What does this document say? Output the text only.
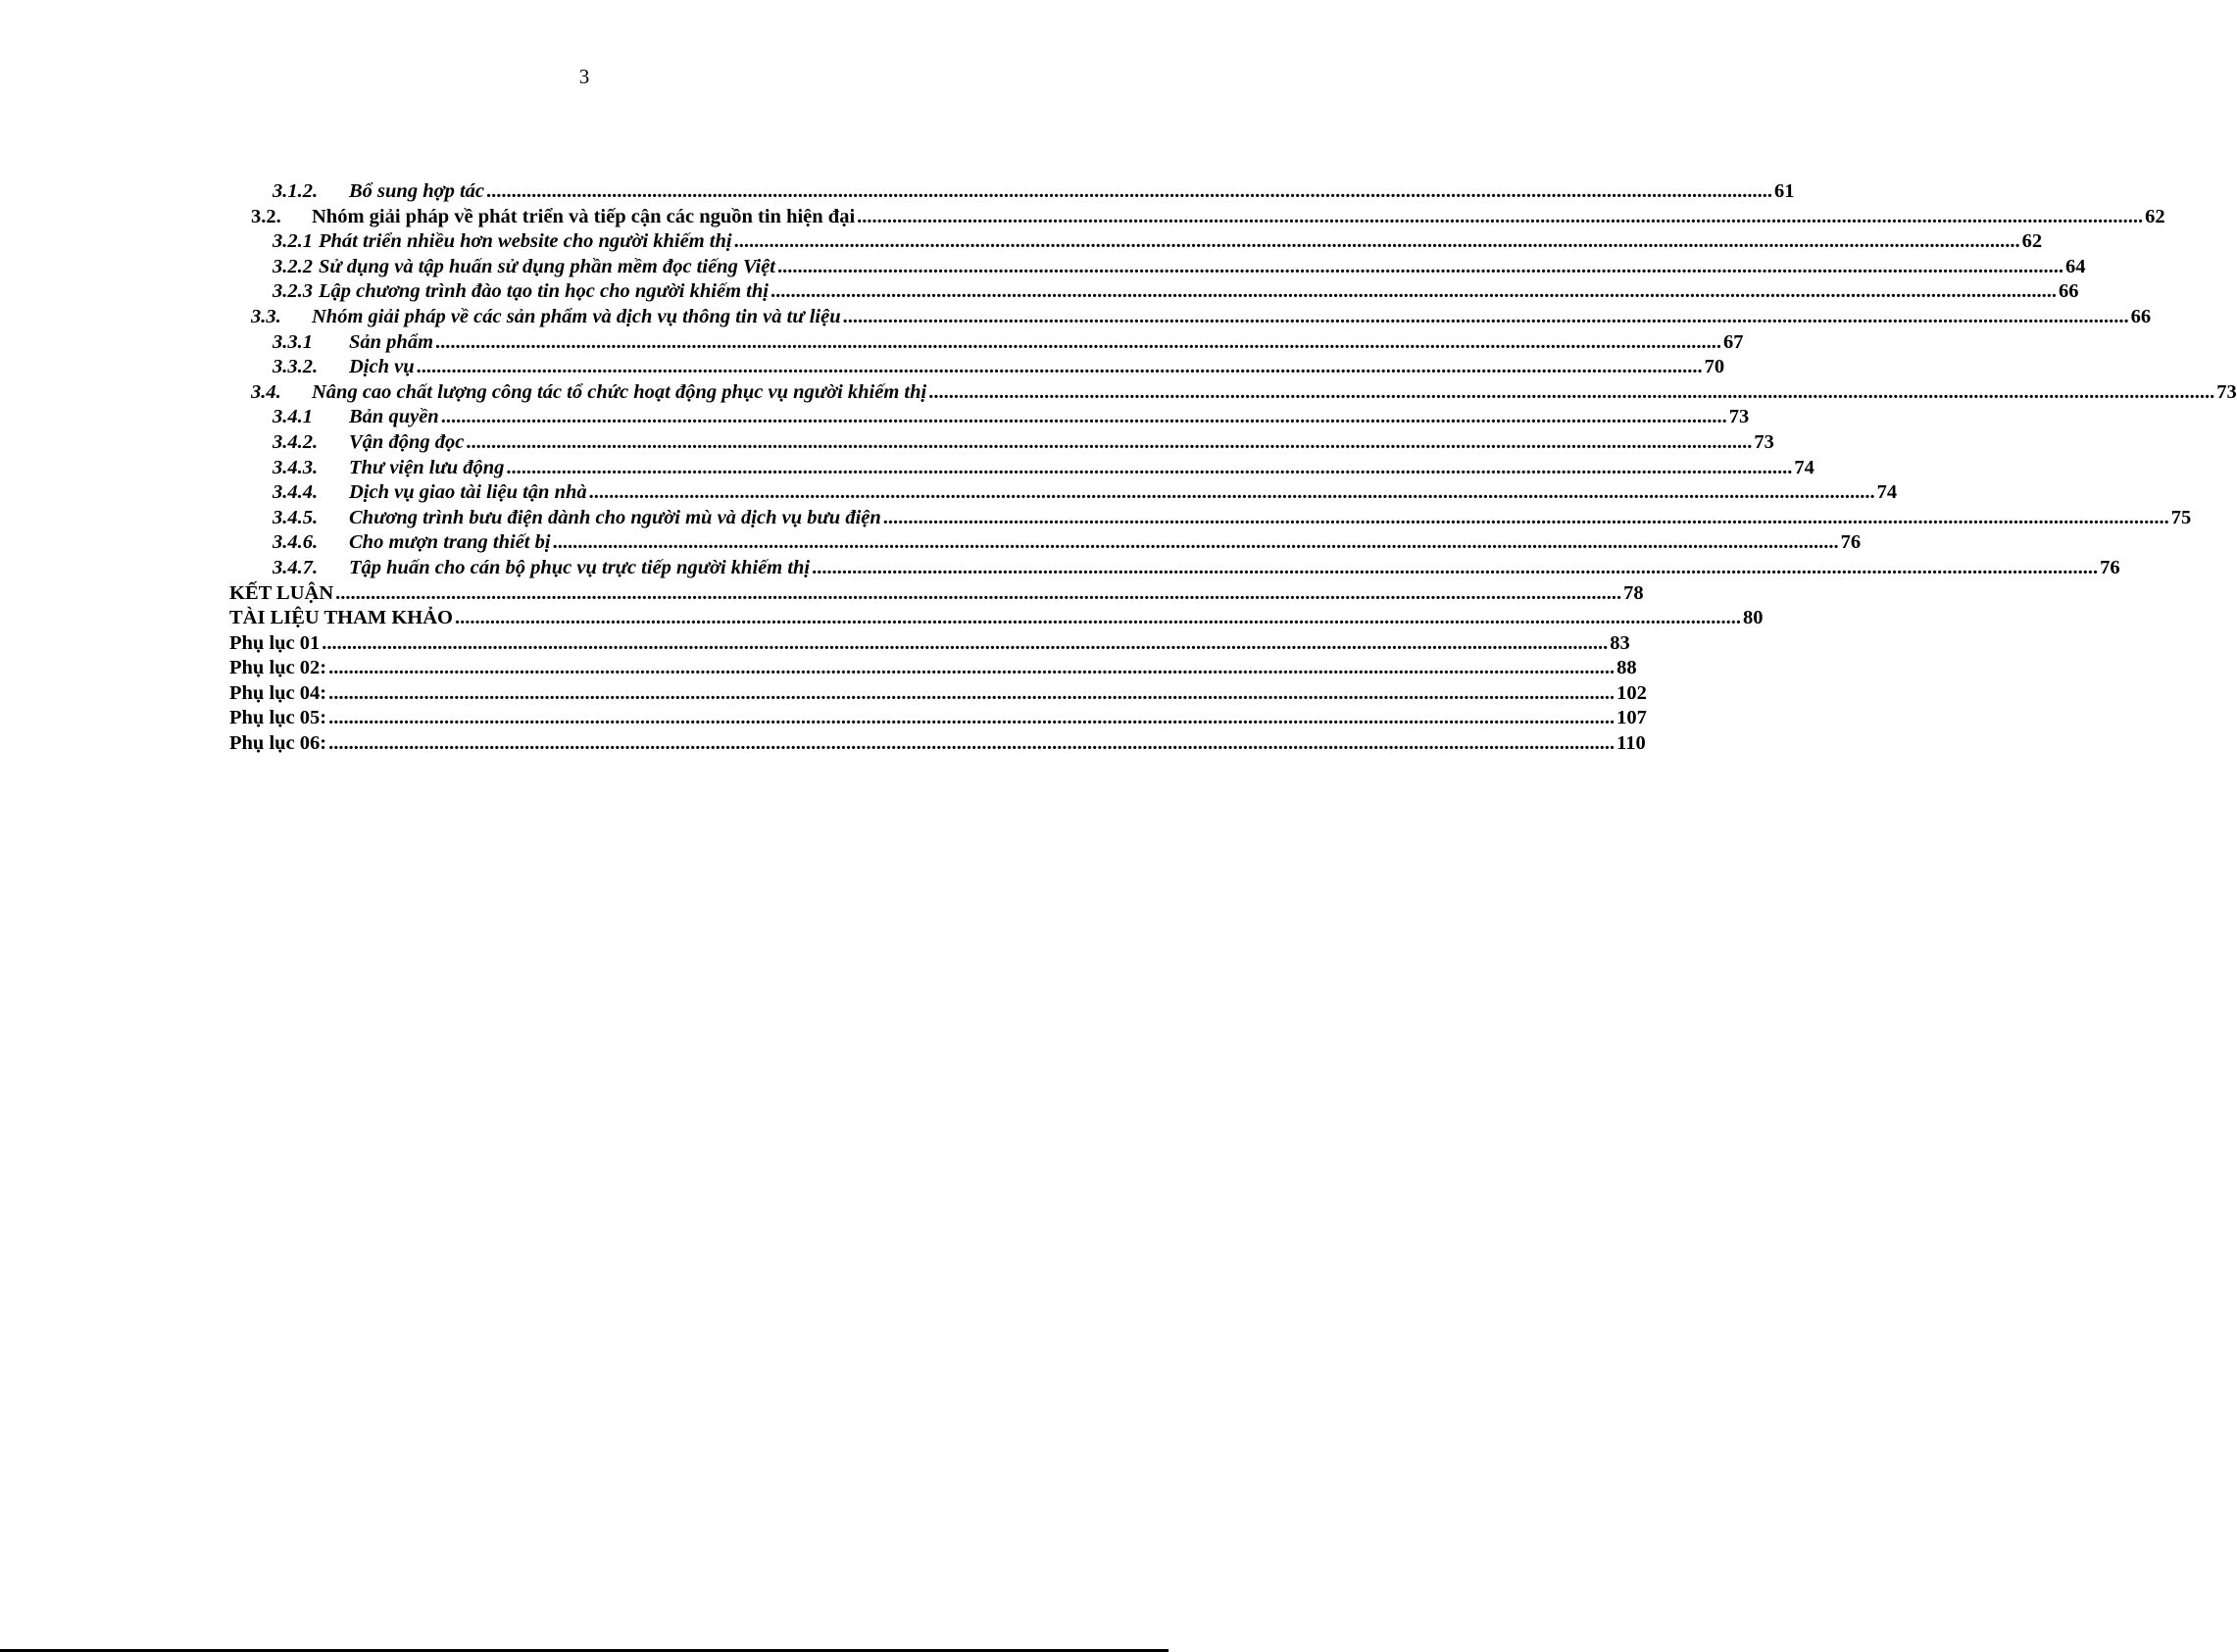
3
3.1.2. Bổ sung hợp tác .....	61
3.2. Nhóm giải pháp về phát triển và tiếp cận các nguồn tin hiện đại .....	62
3.2.1 Phát triển nhiều hơn website cho người khiếm thị .....	62
3.2.2 Sử dụng và tập huấn sử dụng phần mềm đọc tiếng Việt .....	64
3.2.3 Lập chương trình đào tạo tin học cho người khiếm thị .....	66
3.3. Nhóm giải pháp về các sản phẩm và dịch vụ thông tin và tư liệu .....	66
3.3.1 Sản phẩm .....	67
3.3.2. Dịch vụ .....	70
3.4. Nâng cao chất lượng công tác tổ chức hoạt động phục vụ người khiếm thị .....	73
3.4.1 Bản quyền .....	73
3.4.2. Vận động đọc .....	73
3.4.3. Thư viện lưu động .....	74
3.4.4. Dịch vụ giao tài liệu tận nhà .....	74
3.4.5. Chương trình bưu điện dành cho người mù và dịch vụ bưu điện .....	75
3.4.6. Cho mượn trang thiết bị .....	76
3.4.7. Tập huấn cho cán bộ phục vụ trực tiếp người khiếm thị .....	76
KẾT LUẬN .....	78
TÀI LIỆU THAM KHẢO .....	80
Phụ lục 01 .....	83
Phụ lục 02: .....	88
Phụ lục 04: .....	102
Phụ lục 05: .....	107
Phụ lục 06: .....	110
